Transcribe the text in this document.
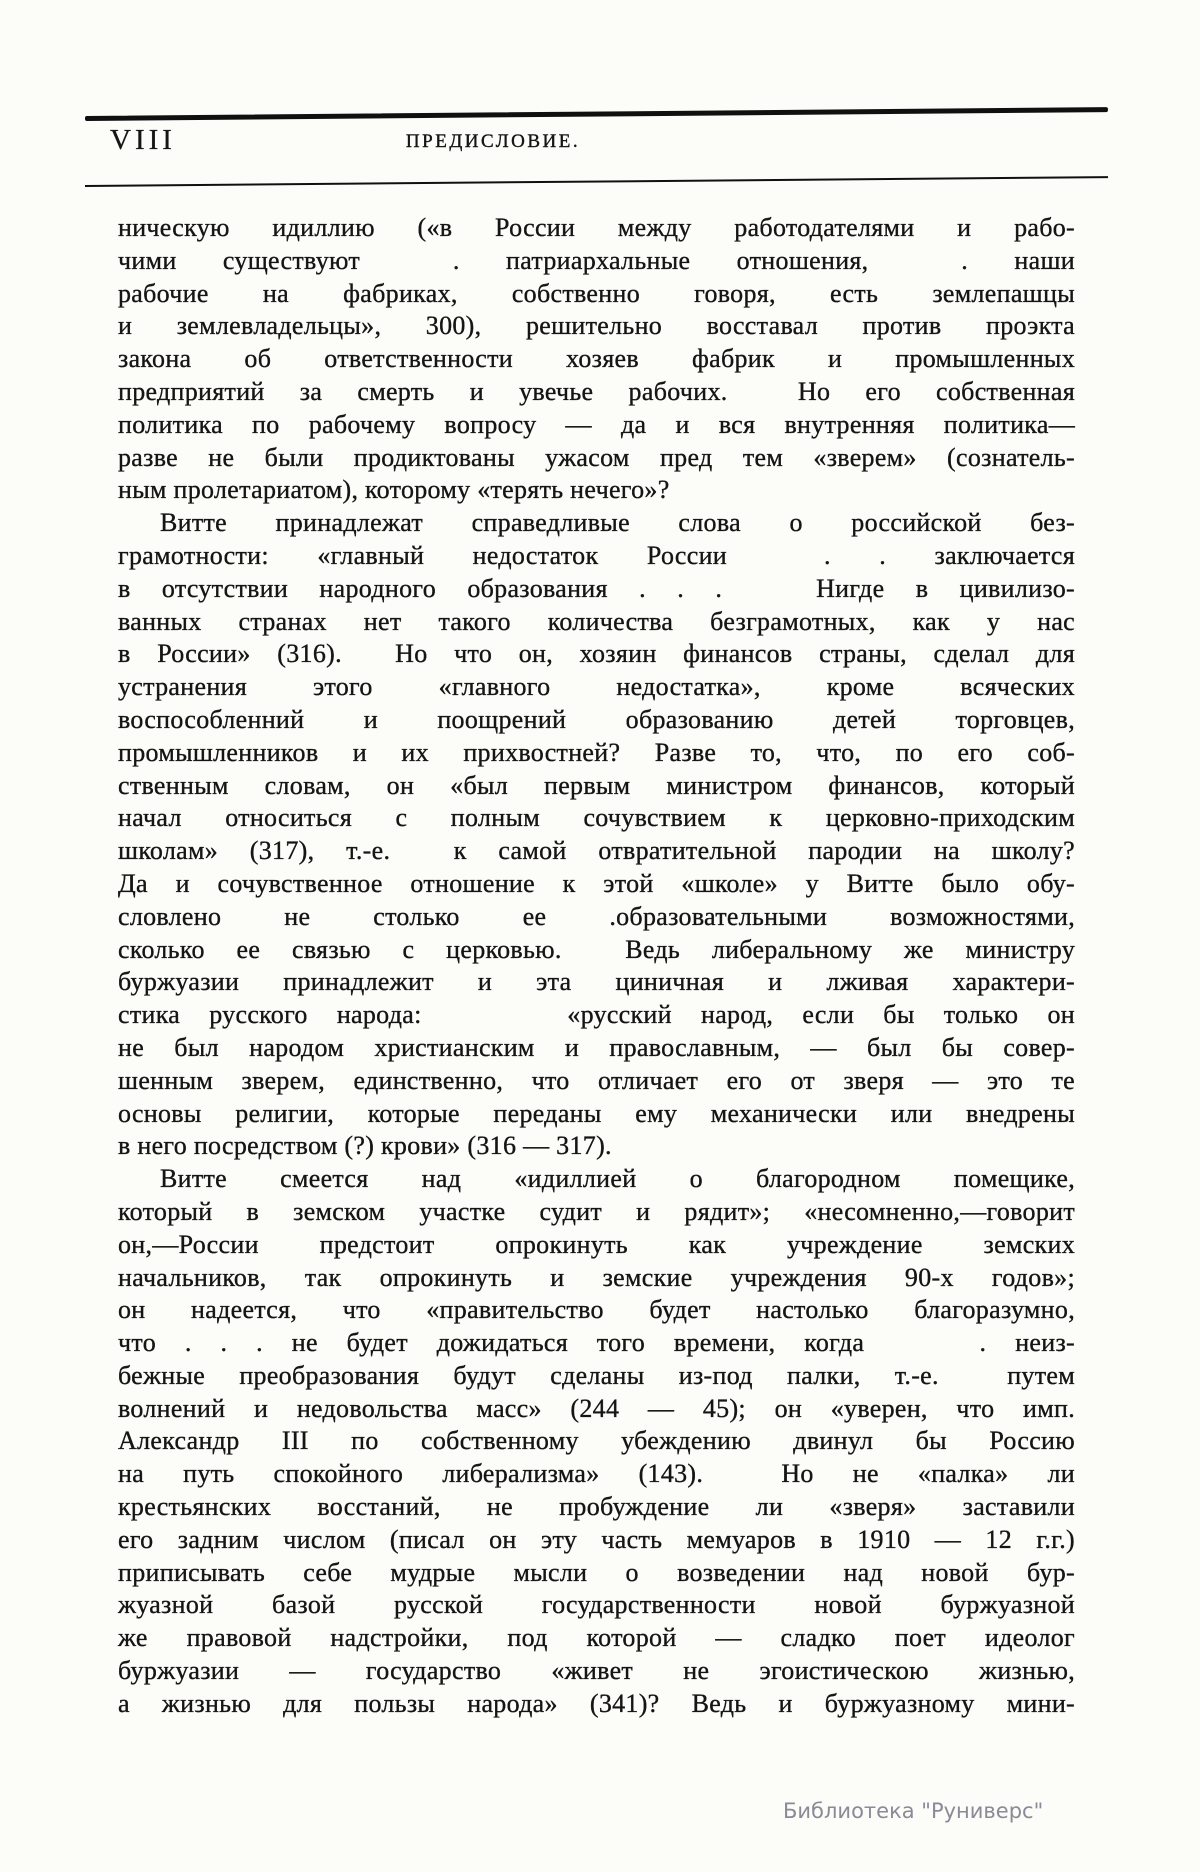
VIII	ПРЕДИСЛОВИЕ.
ническую идиллию («в России между работодателями и рабо-
чими существуют  . патриархальные отношения,  . наши
рабочие на фабриках, собственно говоря, есть землепашцы
и землевладельцы», 300), решительно восставал против проэкта
закона об ответственности хозяев фабрик и промышленных
предприятий за смерть и увечье рабочих.  Но его собственная
политика по рабочему вопросу — да и вся внутренняя политика—
разве не были продиктованы ужасом пред тем «зверем» (сознатель-
ным пролетариатом), которому «терять нечего»?
Витте принадлежат справедливые слова о российской без-
грамотности: «главный недостаток России  . . заключается
в отсутствии народного образования . . .   Нигде в цивилизо-
ванных странах нет такого количества безграмотных, как у нас
в России» (316).  Но что он, хозяин финансов страны, сделал для
устранения этого «главного недостатка», кроме всяческих
воспособленний и поощрений образованию детей торговцев,
промышленников и их прихвостней? Разве то, что, по его соб-
ственным словам, он «был первым министром финансов, который
начал относиться с полным сочувствием к церковно-приходским
школам» (317), т.-е.  к самой отвратительной пародии на школу?
Да и сочувственное отношение к этой «школе» у Витте было обу-
словлено не столько ее .образовательными возможностями,
сколько ее связью с церковью.  Ведь либеральному же министру
буржуазии принадлежит и эта циничная и лживая характери-
стика русского народа:     «русский народ, если бы только он
не был народом христианским и православным, — был бы совер-
шенным зверем, единственно, что отличает его от зверя — это те
основы религии, которые переданы ему механически или внедрены
в него посредством (?) крови» (316 — 317).
Витте смеется над «идиллией о благородном помещике,
который в земском участке судит и рядит»; «несомненно,—говорит
он,—России предстоит опрокинуть как учреждение земских
начальников, так опрокинуть и земские учреждения 90-х годов»;
он надеется, что «правительство будет настолько благоразумно,
что . . . не будет дожидаться того времени, когда    . неиз-
бежные преобразования будут сделаны из-под палки, т.-е.  путем
волнений и недовольства масс» (244 — 45); он «уверен, что имп.
Александр III по собственному убеждению двинул бы Россию
на путь спокойного либерализма» (143).  Но не «палка» ли
крестьянских восстаний, не пробуждение ли «зверя» заставили
его задним числом (писал он эту часть мемуаров в 1910 — 12 г.г.)
приписывать себе мудрые мысли о возведении над новой бур-
жуазной базой русской государственности новой буржуазной
же правовой надстройки, под которой — сладко поет идеолог
буржуазии — государство «живет не эгоистическою жизнью,
а жизнью для пользы народа» (341)? Ведь и буржуазному мини-
Библиотека "Руниверс"
